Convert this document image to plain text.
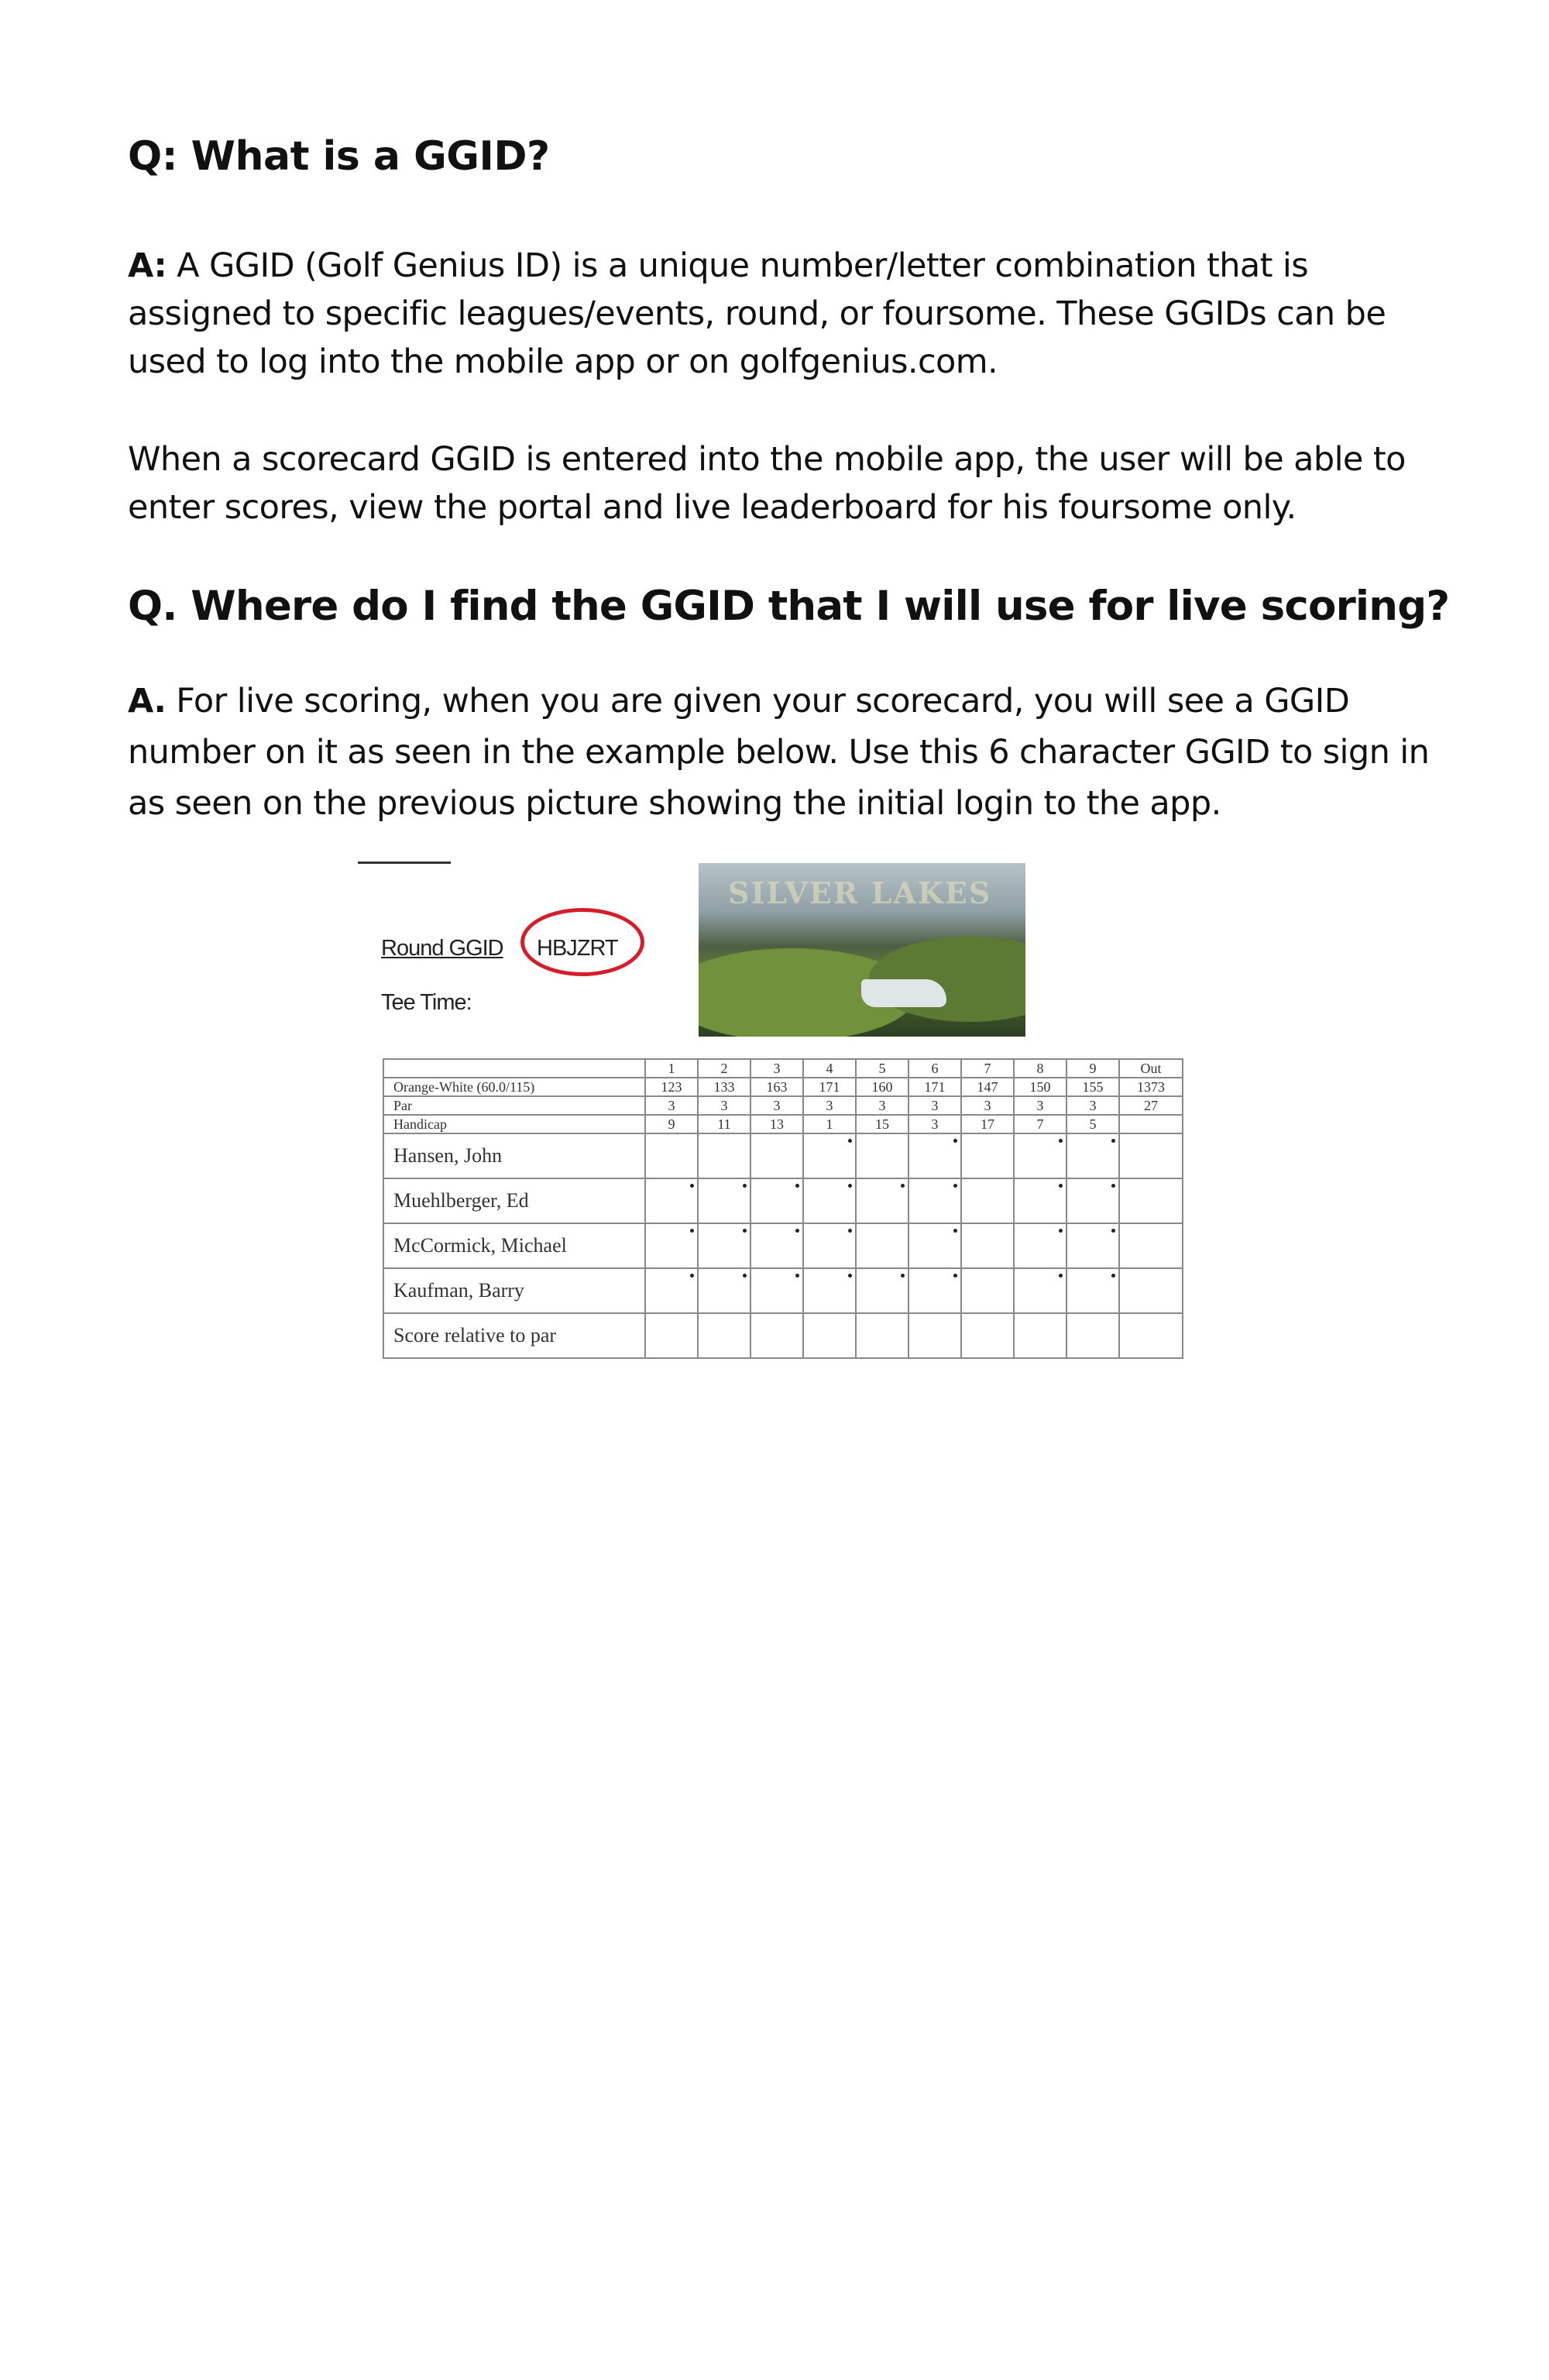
Q: What is a GGID?

A: A GGID (Golf Genius ID) is a unique number/letter combination that is assigned to specific leagues/events, round, or foursome. These GGIDs can be used to log into the mobile app or on golfgenius.com.

When a scorecard GGID is entered into the mobile app, the user will be able to enter scores, view the portal and live leaderboard for his foursome only.

Q. Where do I find the GGID that I will use for live scoring?

A. For live scoring, when you are given your scorecard, you will see a GGID number on it as seen in the example below. Use this 6 character GGID to sign in as seen on the previous picture showing the initial login to the app.

Round GGID HBJZRT
Tee Time:
SILVER LAKES
	1	2	3	4	5	6	7	8	9	Out
Orange-White (60.0/115)	123	133	163	171	160	171	147	150	155	1373
Par	3	3	3	3	3	3	3	3	3	27
Handicap	9	11	13	1	15	3	17	7	5	
Hansen, John				

Muehlberger, Ed	

McCormick, Michael	

Kaufman, Barry	

Score relative to par										
